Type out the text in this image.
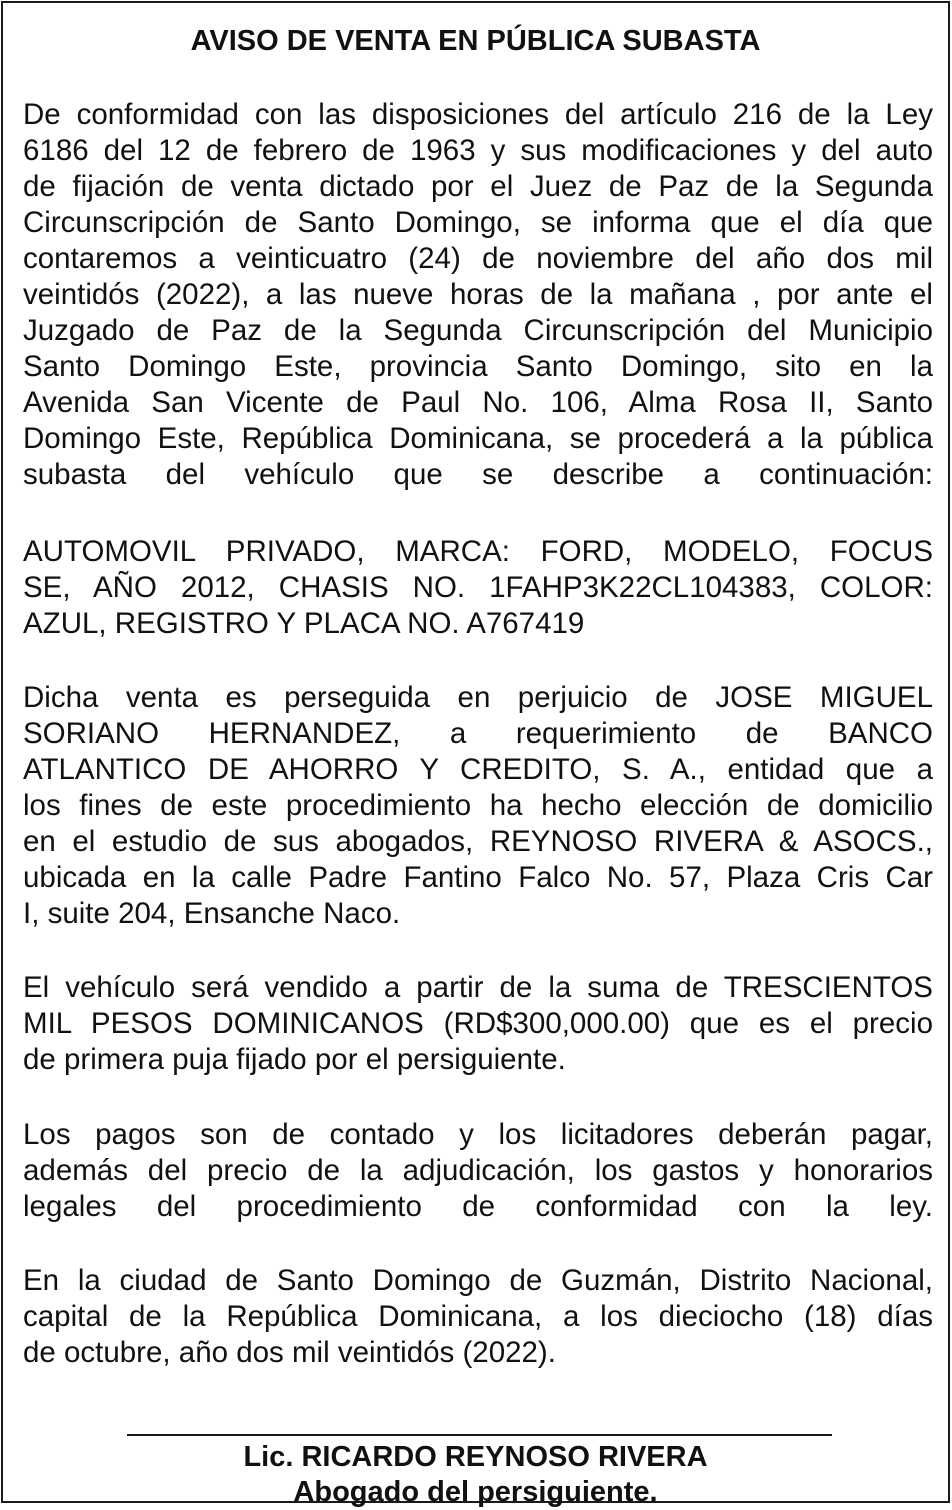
AVISO DE VENTA EN PÚBLICA SUBASTA
De conformidad con las disposiciones del artículo 216 de la Ley
6186 del 12 de febrero de 1963 y sus modificaciones y del auto
de fijación de venta dictado por el Juez de Paz de la Segunda
Circunscripción de Santo Domingo, se informa que el día que
contaremos a veinticuatro (24) de noviembre del año dos mil
veintidós (2022), a las nueve horas de la mañana , por ante el
Juzgado de Paz de la Segunda Circunscripción del Municipio
Santo Domingo Este, provincia Santo Domingo, sito en la
Avenida San Vicente de Paul No. 106, Alma Rosa II, Santo
Domingo Este, República Dominicana, se procederá a la pública
subasta del vehículo que se describe a continuación:
AUTOMOVIL PRIVADO, MARCA: FORD, MODELO, FOCUS
SE, AÑO 2012, CHASIS NO. 1FAHP3K22CL104383, COLOR:
AZUL, REGISTRO Y PLACA NO. A767419
Dicha venta es perseguida en perjuicio de JOSE MIGUEL
SORIANO HERNANDEZ, a requerimiento de BANCO
ATLANTICO DE AHORRO Y CREDITO, S. A., entidad que a
los fines de este procedimiento ha hecho elección de domicilio
en el estudio de sus abogados, REYNOSO RIVERA & ASOCS.,
ubicada en la calle Padre Fantino Falco No. 57, Plaza Cris Car
I, suite 204, Ensanche Naco.
El vehículo será vendido a partir de la suma de TRESCIENTOS
MIL PESOS DOMINICANOS (RD$300,000.00) que es el precio
de primera puja fijado por el persiguiente.
Los pagos son de contado y los licitadores deberán pagar,
además del precio de la adjudicación, los gastos y honorarios
legales del procedimiento de conformidad con la ley.
En la ciudad de Santo Domingo de Guzmán, Distrito Nacional,
capital de la República Dominicana, a los dieciocho (18) días
de octubre, año dos mil veintidós (2022).
Lic. RICARDO REYNOSO RIVERA
Abogado del persiguiente.
